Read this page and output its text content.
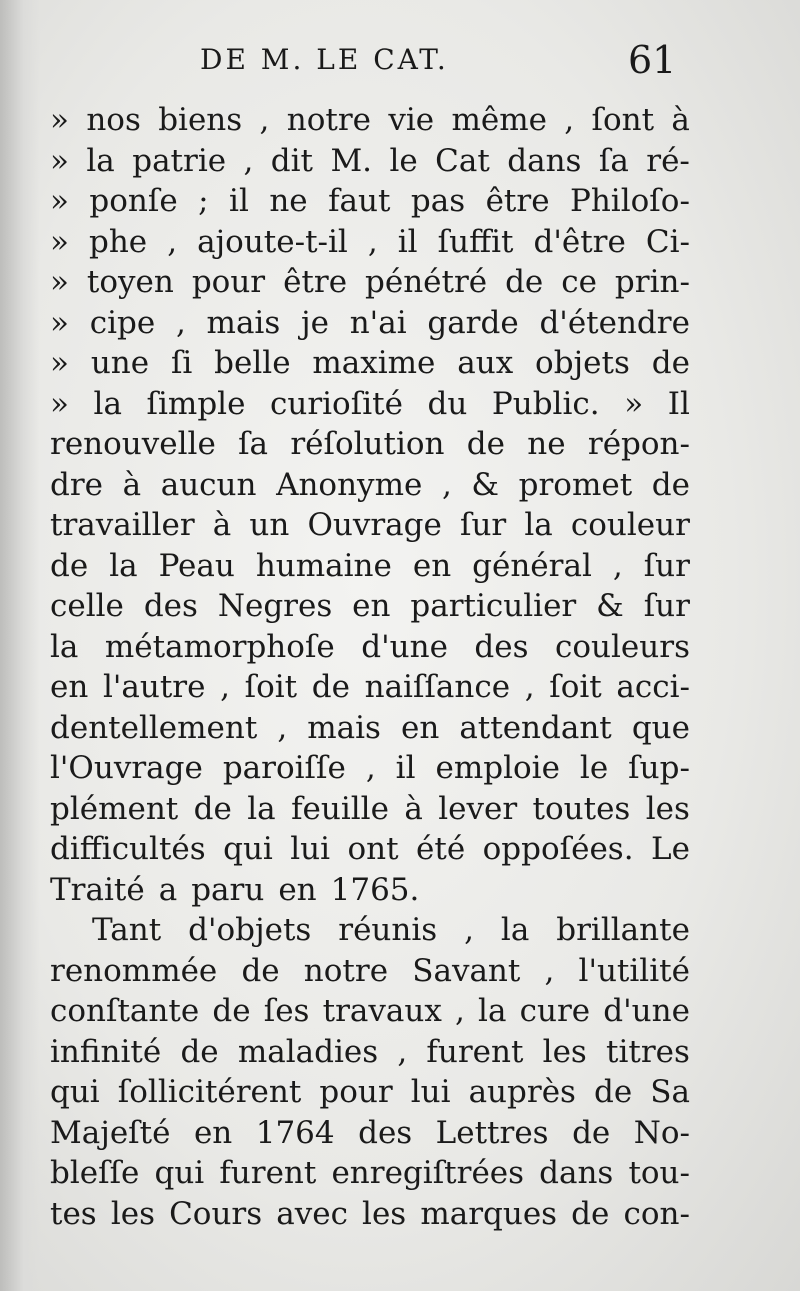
DE M. LE CAT.	61
» nos biens , notre vie même , ſont à
» la patrie , dit M. le Cat dans ſa ré-
» ponſe ; il ne faut pas être Philoſo-
» phe , ajoute-t-il , il ſuffit d'être Ci-
» toyen pour être pénétré de ce prin-
» cipe , mais je n'ai garde d'étendre
» une ſi belle maxime aux objets de
» la ſimple curioſité du Public. » Il
renouvelle ſa réſolution de ne répon-
dre à aucun Anonyme , & promet de
travailler à un Ouvrage ſur la couleur
de la Peau humaine en général , ſur
celle des Negres en particulier & ſur
la métamorphoſe d'une des couleurs
en l'autre , ſoit de naiſſance , ſoit acci-
dentellement , mais en attendant que
l'Ouvrage paroiſſe , il emploie le ſup-
plément de la feuille à lever toutes les
difficultés qui lui ont été oppoſées. Le
Traité a paru en 1765.
Tant d'objets réunis , la brillante
renommée de notre Savant , l'utilité
conſtante de ſes travaux , la cure d'une
infinité de maladies , furent les titres
qui ſollicitérent pour lui auprès de Sa
Majeſté en 1764 des Lettres de No-
bleſſe qui furent enregiſtrées dans tou-
tes les Cours avec les marques de con-
